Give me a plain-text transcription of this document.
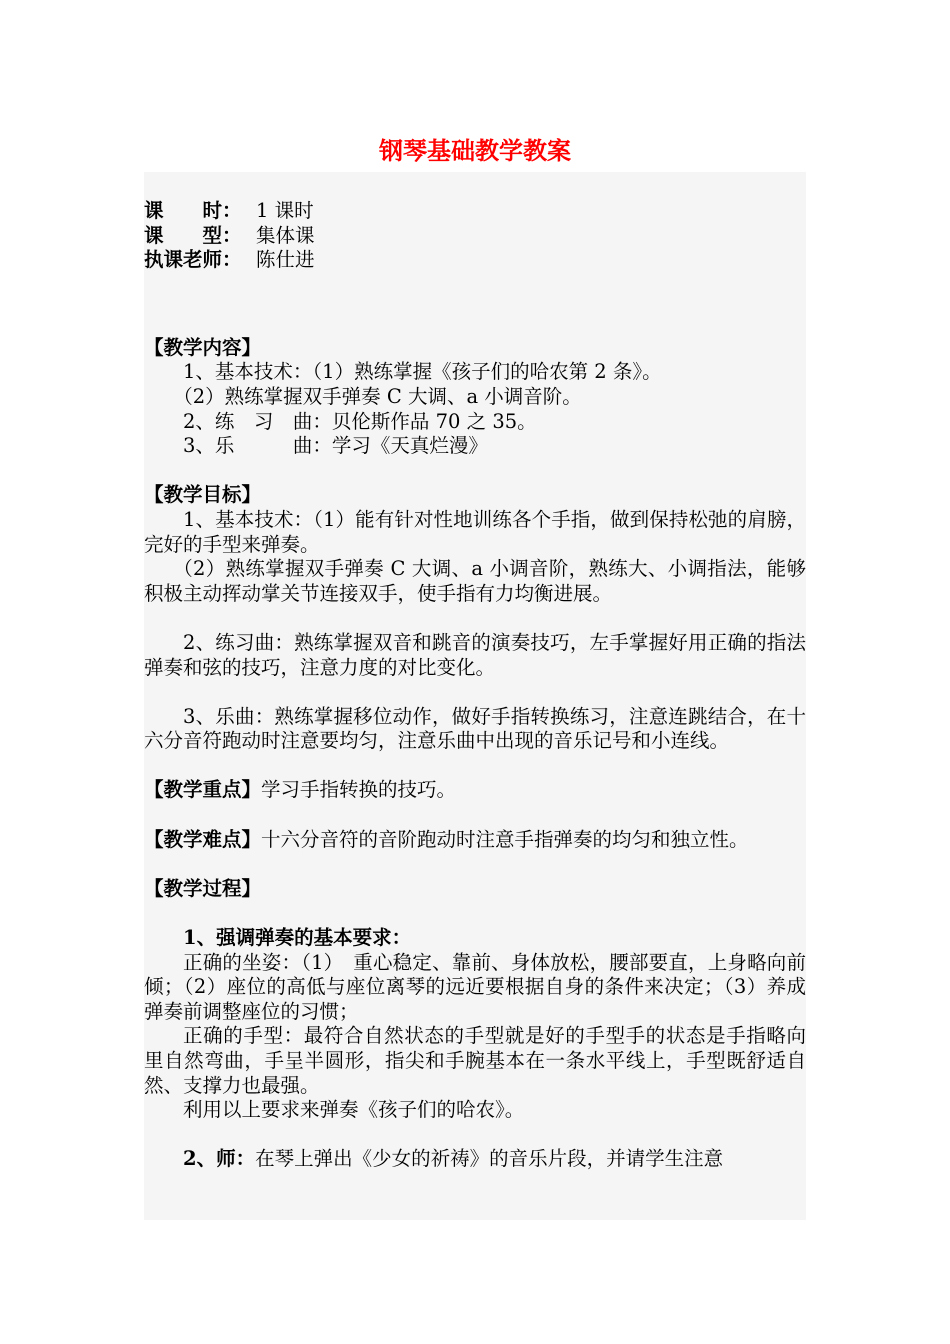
钢琴基础教学教案

课　　时： 1 课时

课　　型： 集体课

执课老师： 陈仕进

【教学内容】

1、基本技术：（1）熟练掌握《孩子们的哈农第 2 条》。

（2）熟练掌握双手弹奏 C 大调、a 小调音阶。

2、练　习　曲：贝伦斯作品 70 之 35。

3、乐　　　曲：学习《天真烂漫》

【教学目标】

1、基本技术：（1）能有针对性地训练各个手指，做到保持松弛的肩膀，完好的手型来弹奏。

（2）熟练掌握双手弹奏 C 大调、a 小调音阶，熟练大、小调指法，能够积极主动挥动掌关节连接双手，使手指有力均衡进展。

2、练习曲：熟练掌握双音和跳音的演奏技巧，左手掌握好用正确的指法弹奏和弦的技巧，注意力度的对比变化。

3、乐曲：熟练掌握移位动作，做好手指转换练习，注意连跳结合，在十六分音符跑动时注意要均匀，注意乐曲中出现的音乐记号和小连线。

【教学重点】学习手指转换的技巧。

【教学难点】十六分音符的音阶跑动时注意手指弹奏的均匀和独立性。

【教学过程】

1、强调弹奏的基本要求：

正确的坐姿：（1）　重心稳定、靠前、身体放松，腰部要直，上身略向前倾；（2）座位的高低与座位离琴的远近要根据自身的条件来决定；（3）养成弹奏前调整座位的习惯；

正确的手型：最符合自然状态的手型就是好的手型手的状态是手指略向里自然弯曲，手呈半圆形，指尖和手腕基本在一条水平线上，手型既舒适自然、支撑力也最强。

利用以上要求来弹奏《孩子们的哈农》。

2、师：在琴上弹出《少女的祈祷》的音乐片段，并请学生注意
